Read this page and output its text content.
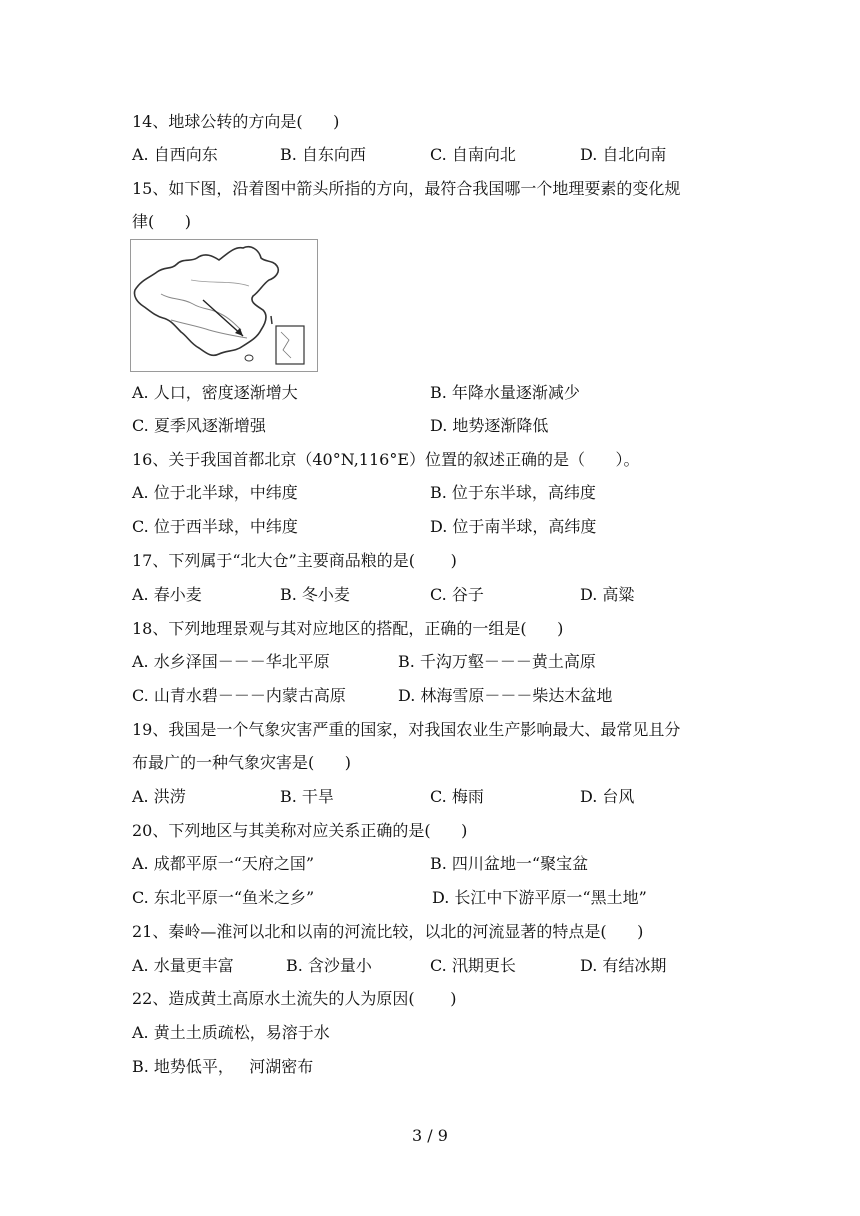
14、地球公转的方向是(      )
A. 自西向东	B. 自东向西	C. 自南向北	D. 自北向南
15、如下图，沿着图中箭头所指的方向，最符合我国哪一个地理要素的变化规
律(      )
A. 人口，密度逐渐增大	B. 年降水量逐渐减少
C. 夏季风逐渐增强	D. 地势逐渐降低
16、关于我国首都北京（40°N,116°E）位置的叙述正确的是（      ）。
A. 位于北半球，中纬度	B. 位于东半球，高纬度
C. 位于西半球，中纬度	D. 位于南半球，高纬度
17、下列属于“北大仓”主要商品粮的是(       )
A. 春小麦	B. 冬小麦	C. 谷子	D. 高粱
18、下列地理景观与其对应地区的搭配，正确的一组是(      )
A. 水乡泽国－－－华北平原	B. 千沟万壑－－－黄土高原
C. 山青水碧－－－内蒙古高原	D. 林海雪原－－－柴达木盆地
19、我国是一个气象灾害严重的国家，对我国农业生产影响最大、最常见且分
布最广的一种气象灾害是(      )
A. 洪涝	B. 干旱	C. 梅雨	D. 台风
20、下列地区与其美称对应关系正确的是(      )
A. 成都平原一“天府之国”	B. 四川盆地一“聚宝盆
C. 东北平原一“鱼米之乡”	D. 长江中下游平原一“黑土地”
21、秦岭—淮河以北和以南的河流比较，以北的河流显著的特点是(      )
A. 水量更丰富	B. 含沙量小	C. 汛期更长	D. 有结冰期
22、造成黄土高原水土流失的人为原因(       )
A. 黄土土质疏松，易溶于水
B. 地势低平，   河湖密布
3 / 9
